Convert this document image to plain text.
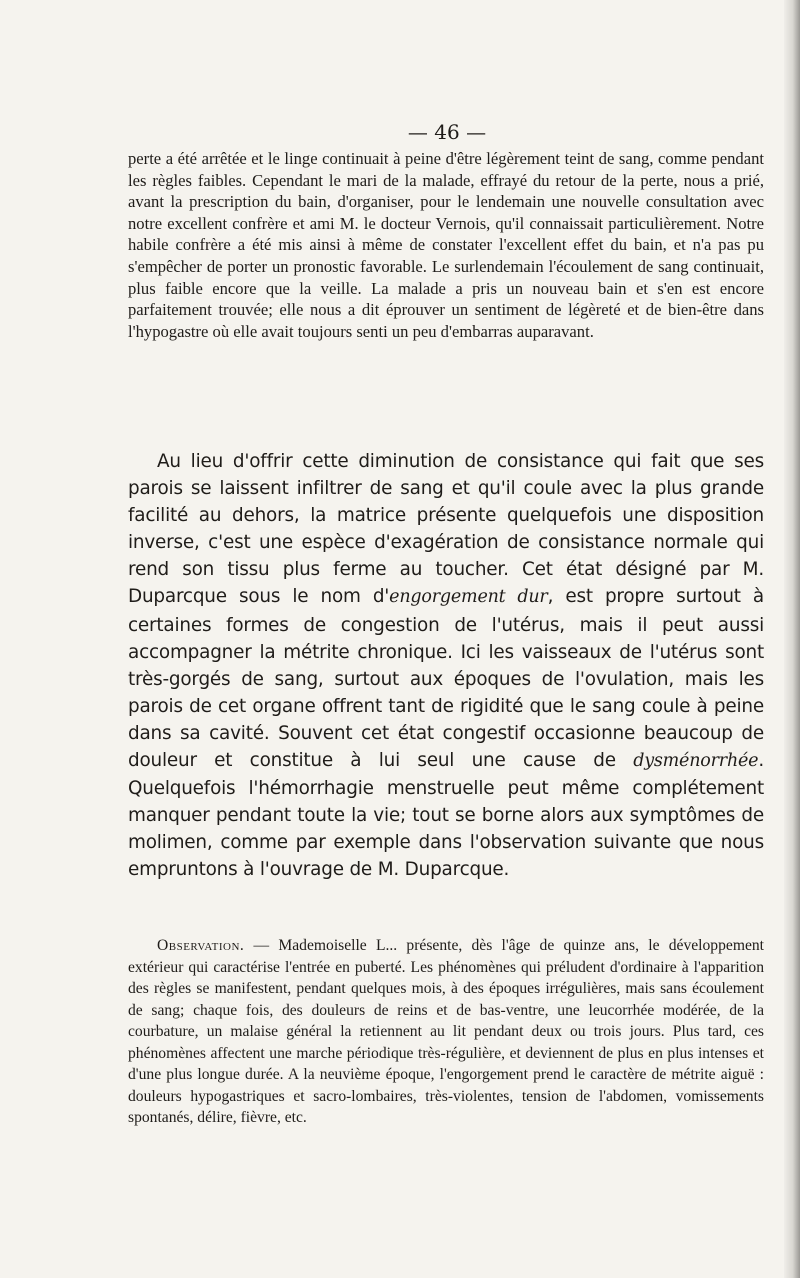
— 46 —

perte a été arrêtée et le linge continuait à peine d'être légèrement teint de sang, comme pendant les règles faibles. Cependant le mari de la malade, effrayé du retour de la perte, nous a prié, avant la prescription du bain, d'organiser, pour le lendemain une nouvelle consultation avec notre excellent confrère et ami M. le docteur Vernois, qu'il connaissait particulièrement. Notre habile confrère a été mis ainsi à même de constater l'excellent effet du bain, et n'a pas pu s'empêcher de porter un pronostic favorable. Le surlendemain l'écoulement de sang continuait, plus faible encore que la veille. La malade a pris un nouveau bain et s'en est encore parfaitement trouvée; elle nous a dit éprouver un sentiment de légèreté et de bien-être dans l'hypogastre où elle avait toujours senti un peu d'embarras auparavant.

Au lieu d'offrir cette diminution de consistance qui fait que ses parois se laissent infiltrer de sang et qu'il coule avec la plus grande facilité au dehors, la matrice présente quelquefois une disposition inverse, c'est une espèce d'exagération de consistance normale qui rend son tissu plus ferme au toucher. Cet état désigné par M. Duparcque sous le nom d'engorgement dur, est propre surtout à certaines formes de congestion de l'utérus, mais il peut aussi accompagner la métrite chronique. Ici les vaisseaux de l'utérus sont très-gorgés de sang, surtout aux époques de l'ovulation, mais les parois de cet organe offrent tant de rigidité que le sang coule à peine dans sa cavité. Souvent cet état congestif occasionne beaucoup de douleur et constitue à lui seul une cause de dysménorrhée. Quelquefois l'hémorrhagie menstruelle peut même complétement manquer pendant toute la vie; tout se borne alors aux symptômes de molimen, comme par exemple dans l'observation suivante que nous empruntons à l'ouvrage de M. Duparcque.

Observation. — Mademoiselle L... présente, dès l'âge de quinze ans, le développement extérieur qui caractérise l'entrée en puberté. Les phénomènes qui préludent d'ordinaire à l'apparition des règles se manifestent, pendant quelques mois, à des époques irrégulières, mais sans écoulement de sang; chaque fois, des douleurs de reins et de bas-ventre, une leucorrhée modérée, de la courbature, un malaise général la retiennent au lit pendant deux ou trois jours. Plus tard, ces phénomènes affectent une marche périodique très-régulière, et deviennent de plus en plus intenses et d'une plus longue durée. A la neuvième époque, l'engorgement prend le caractère de métrite aiguë : douleurs hypogastriques et sacro-lombaires, très-violentes, tension de l'abdomen, vomissements spontanés, délire, fièvre, etc.
